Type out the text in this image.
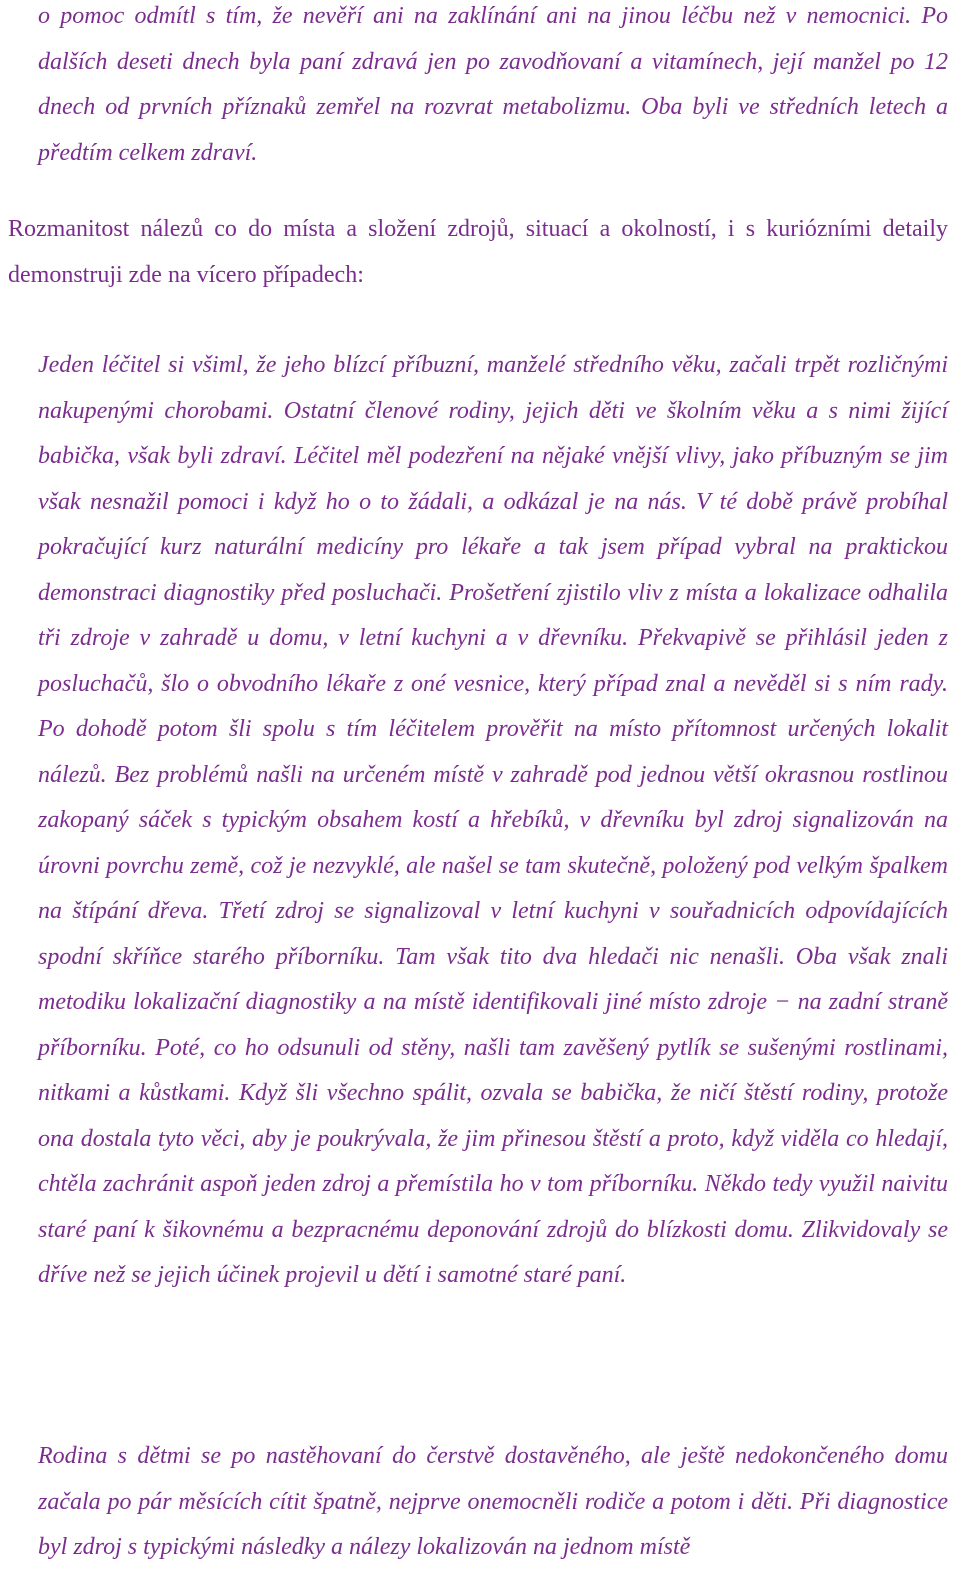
o pomoc odmítl s tím, že nevěří ani na zaklínání ani na jinou léčbu než v nemocnici. Po dalších deseti dnech byla paní zdravá jen po zavodňovaní a vitamínech, její manžel po 12 dnech od prvních příznaků zemřel na rozvrat metabolizmu. Oba byli ve středních letech a předtím celkem zdraví.

Rozmanitost nálezů co do místa a složení zdrojů, situací a okolností, i s kuriózními detaily demonstruji zde na vícero případech:

Jeden léčitel si všiml, že jeho blízcí příbuzní, manželé středního věku, začali trpět rozličnými nakupenými chorobami. Ostatní členové rodiny, jejich děti ve školním věku a s nimi žijící babička, však byli zdraví. Léčitel měl podezření na nějaké vnější vlivy, jako příbuzným se jim však nesnažil pomoci i když ho o to žádali, a odkázal je na nás. V té době právě probíhal pokračující kurz naturální medicíny pro lékaře a tak jsem případ vybral na praktickou demonstraci diagnostiky před posluchači. Prošetření zjistilo vliv z místa a lokalizace odhalila tři zdroje v zahradě u domu, v letní kuchyni a v dřevníku. Překvapivě se přihlásil jeden z posluchačů, šlo o obvodního lékaře z oné vesnice, který případ znal a nevěděl si s ním rady. Po dohodě potom šli spolu s tím léčitelem prověřit na místo přítomnost určených lokalit nálezů. Bez problémů našli na určeném místě v zahradě pod jednou větší okrasnou rostlinou zakopaný sáček s typickým obsahem kostí a hřebíků, v dřevníku byl zdroj signalizován na úrovni povrchu země, což je nezvyklé, ale našel se tam skutečně, položený pod velkým špalkem na štípání dřeva. Třetí zdroj se signalizoval v letní kuchyni v souřadnicích odpovídajících spodní skříňce starého příborníku. Tam však tito dva hledači nic nenašli. Oba však znali metodiku lokalizační diagnostiky a na místě identifikovali jiné místo zdroje − na zadní straně příborníku. Poté, co ho odsunuli od stěny, našli tam zavěšený pytlík se sušenými rostlinami, nitkami a kůstkami. Když šli všechno spálit, ozvala se babička, že ničí štěstí rodiny, protože ona dostala tyto věci, aby je poukrývala, že jim přinesou štěstí a proto, když viděla co hledají, chtěla zachránit aspoň jeden zdroj a přemístila ho v tom příborníku. Někdo tedy využil naivitu staré paní k šikovnému a bezpracnému deponování zdrojů do blízkosti domu. Zlikvidovaly se dříve než se jejich účinek projevil u dětí i samotné staré paní.

Rodina s dětmi se po nastěhovaní do čerstvě dostavěného, ale ještě nedokončeného domu začala po pár měsících cítit špatně, nejprve onemocněli rodiče a potom i děti. Při diagnostice byl zdroj s typickými následky a nálezy lokalizován na jednom místě
